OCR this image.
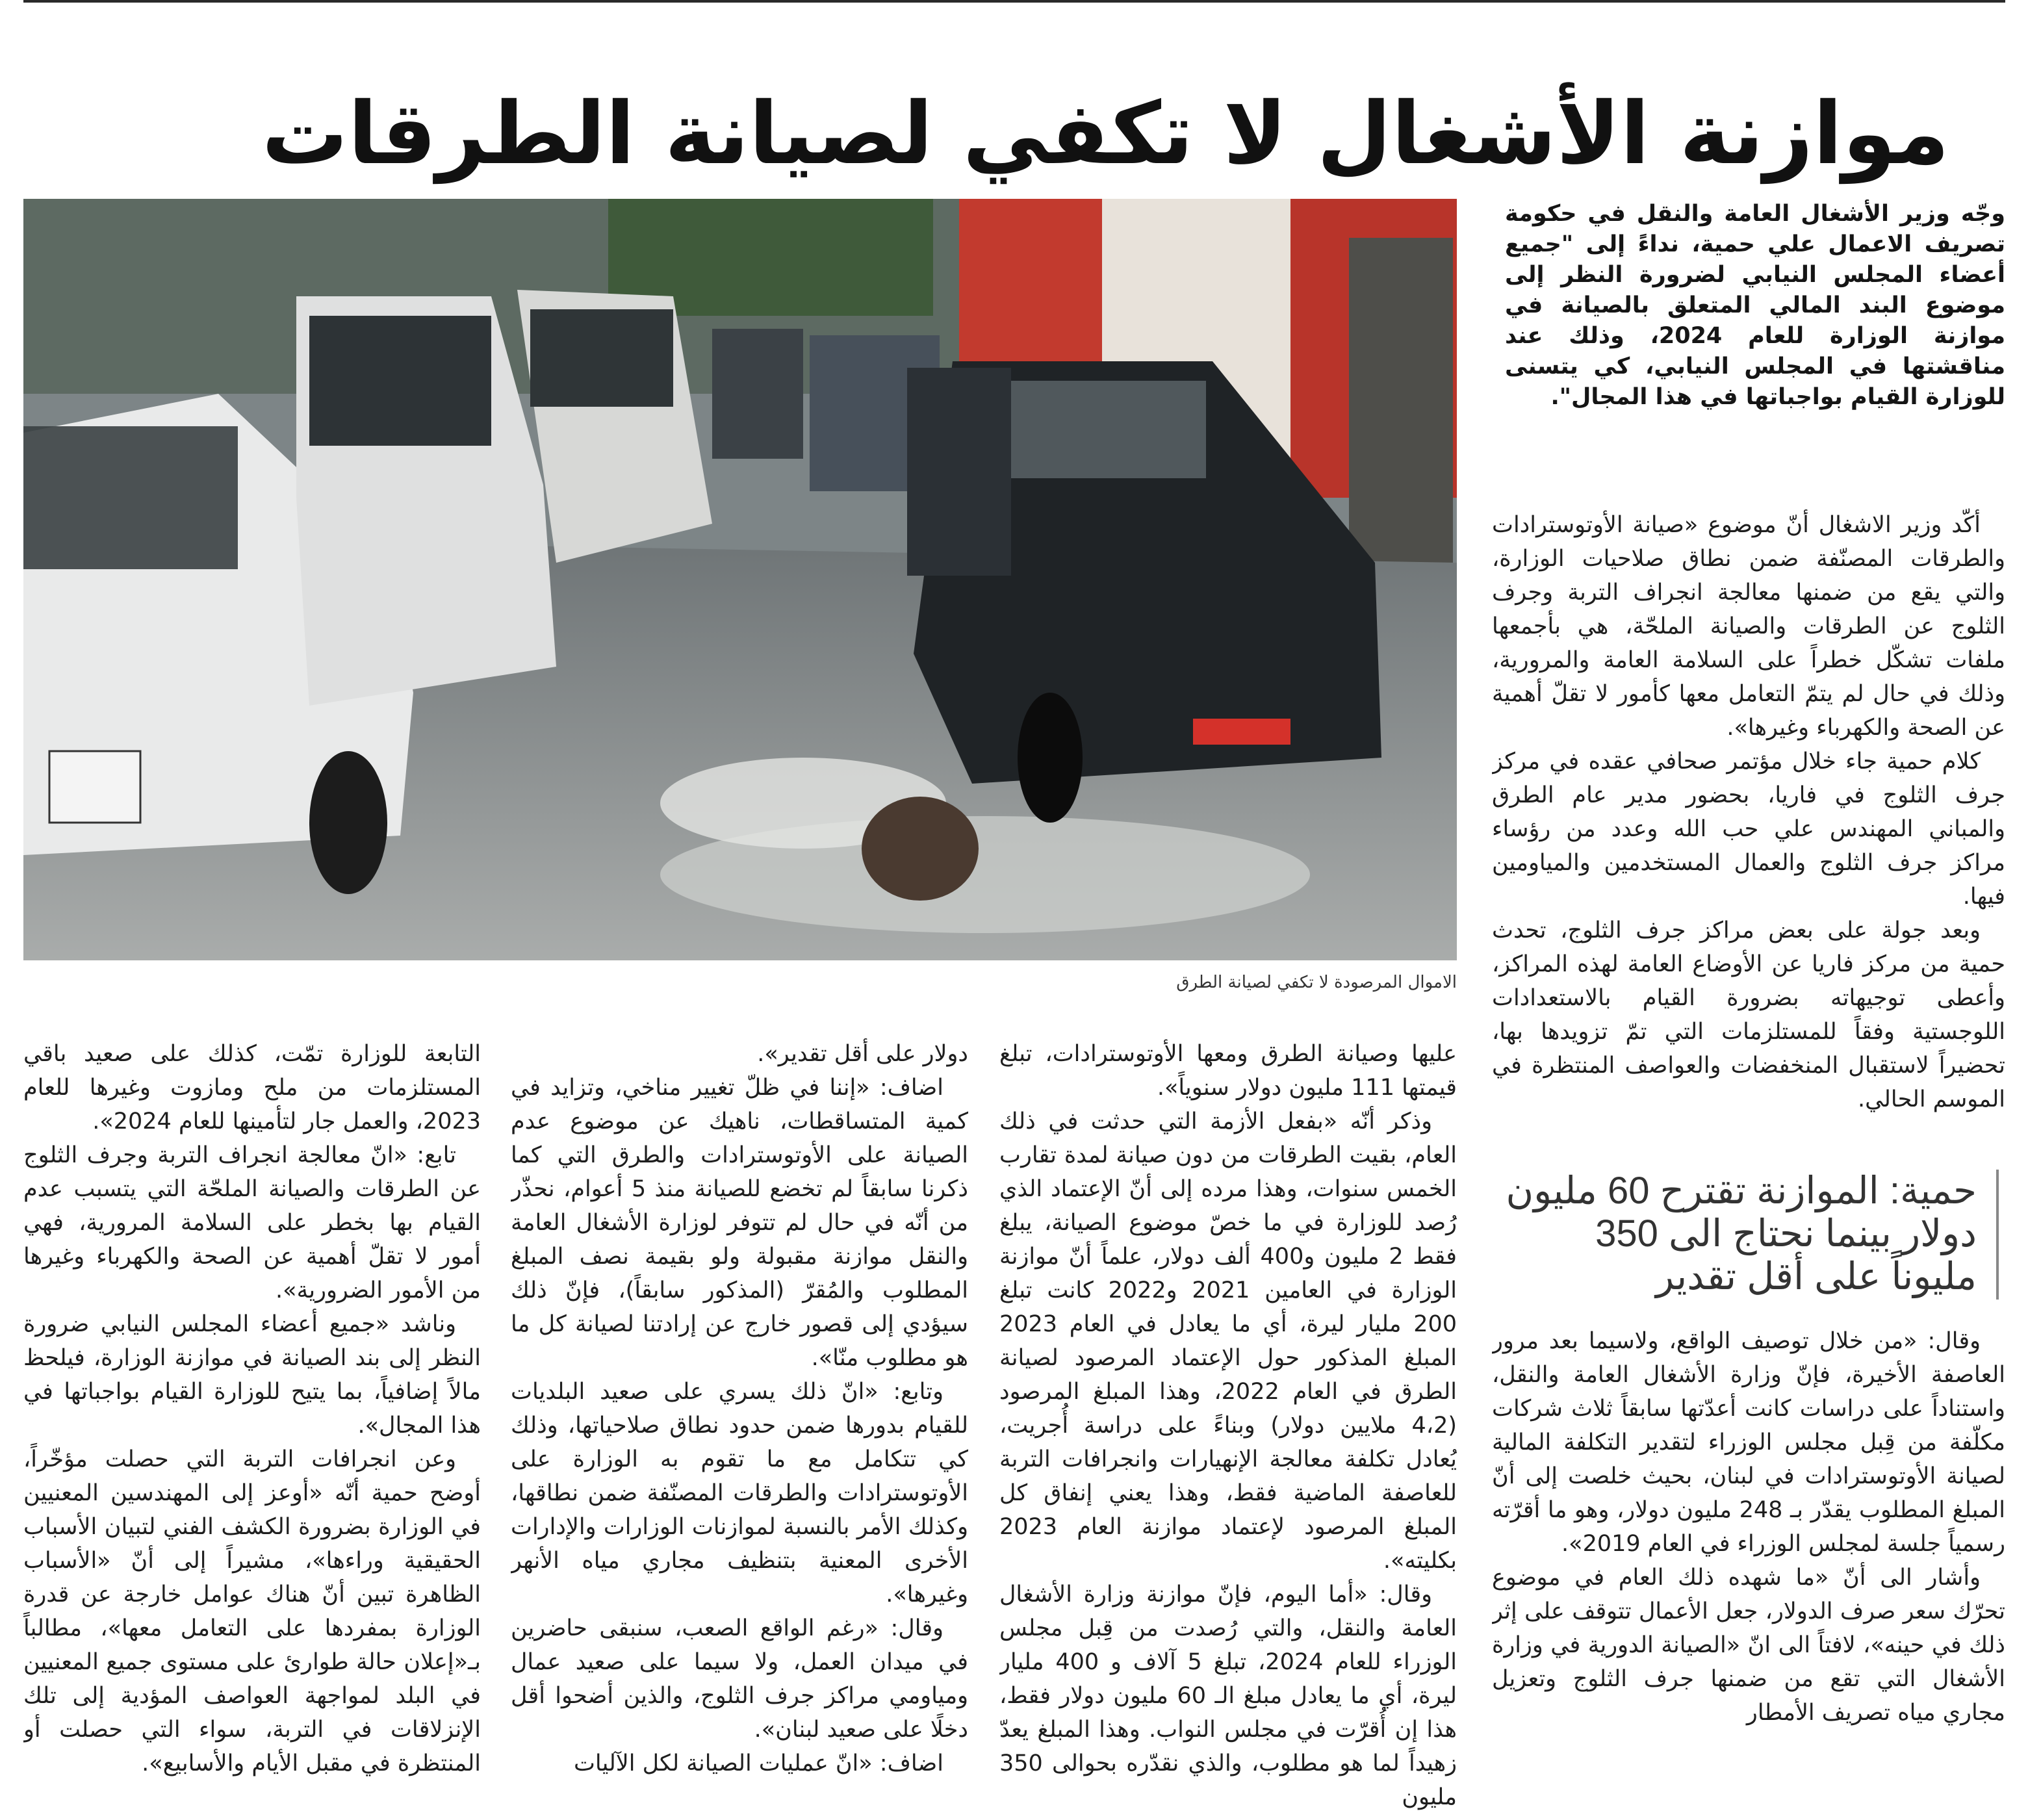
موازنة الأشغال لا تكفي لصيانة الطرقات
الاموال المرصودة لا تكفي لصيانة الطرق
وجّه وزير الأشغال العامة والنقل في حكومة تصريف الاعمال علي حمية، نداءً إلى "جميع أعضاء المجلس النيابي لضرورة النظر إلى موضوع البند المالي المتعلق بالصيانة في موازنة الوزارة للعام 2024، وذلك عند مناقشتها في المجلس النيابي، كي يتسنى للوزارة القيام بواجباتها في هذا المجال".

أكّد وزير الاشغال أنّ موضوع «صيانة الأوتوسترادات والطرقات المصنّفة ضمن نطاق صلاحيات الوزارة، والتي يقع من ضمنها معالجة انجراف التربة وجرف الثلوج عن الطرقات والصيانة الملحّة، هي بأجمعها ملفات تشكّل خطراً على السلامة العامة والمرورية، وذلك في حال لم يتمّ التعامل معها كأمور لا تقلّ أهمية عن الصحة والكهرباء وغيرها».

كلام حمية جاء خلال مؤتمر صحافي عقده في مركز جرف الثلوج في فاريا، بحضور مدير عام الطرق والمباني المهندس علي حب الله وعدد من رؤساء مراكز جرف الثلوج والعمال المستخدمين والمياومين فيها.

وبعد جولة على بعض مراكز جرف الثلوج، تحدث حمية من مركز فاريا عن الأوضاع العامة لهذه المراكز، وأعطى توجيهاته بضرورة القيام بالاستعدادات اللوجستية وفقاً للمستلزمات التي تمّ تزويدها بها، تحضيراً لاستقبال المنخفضات والعواصف المنتظرة في الموسم الحالي.

حمية: الموازنة تقترح 60 مليون دولار بينما نحتاج الى 350 مليوناً على أقل تقدير

وقال: «من خلال توصيف الواقع، ولاسيما بعد مرور العاصفة الأخيرة، فإنّ وزارة الأشغال العامة والنقل، واستناداً على دراسات كانت أعدّتها سابقاً ثلاث شركات مكلّفة من قِبل مجلس الوزراء لتقدير التكلفة المالية لصيانة الأوتوسترادات في لبنان، بحيث خلصت إلى أنّ المبلغ المطلوب يقدّر بـ 248 مليون دولار، وهو ما أقرّته رسمياً جلسة لمجلس الوزراء في العام 2019».

وأشار الى أنّ «ما شهده ذلك العام في موضوع تحرّك سعر صرف الدولار، جعل الأعمال تتوقف على إثر ذلك في حينه»، لافتاً الى انّ «الصيانة الدورية في وزارة الأشغال التي تقع من ضمنها جرف الثلوج وتعزيل مجاري مياه تصريف الأمطار

عليها وصيانة الطرق ومعها الأوتوسترادات، تبلغ قيمتها 111 مليون دولار سنوياً».

وذكر أنّه «بفعل الأزمة التي حدثت في ذلك العام، بقيت الطرقات من دون صيانة لمدة تقارب الخمس سنوات، وهذا مرده إلى أنّ الإعتماد الذي رُصد للوزارة في ما خصّ موضوع الصيانة، يبلغ فقط 2 مليون و400 ألف دولار، علماً أنّ موازنة الوزارة في العامين 2021 و2022 كانت تبلغ 200 مليار ليرة، أي ما يعادل في العام 2023 المبلغ المذكور حول الإعتماد المرصود لصيانة الطرق في العام 2022، وهذا المبلغ المرصود (4،2 ملايين دولار) وبناءً على دراسة أُجريت، يُعادل تكلفة معالجة الإنهيارات وانجرافات التربة للعاصفة الماضية فقط، وهذا يعني إنفاق كل المبلغ المرصود لإعتماد موازنة العام 2023 بكليته».

وقال: «أما اليوم، فإنّ موازنة وزارة الأشغال العامة والنقل، والتي رُصدت من قِبل مجلس الوزراء للعام 2024، تبلغ 5 آلاف و 400 مليار ليرة، أي ما يعادل مبلغ الـ 60 مليون دولار فقط، هذا إن أُقرّت في مجلس النواب. وهذا المبلغ يعدّ زهيداً لما هو مطلوب، والذي نقدّره بحوالى 350 مليون

دولار على أقل تقدير».

اضاف: «إننا في ظلّ تغيير مناخي، وتزايد في كمية المتساقطات، ناهيك عن موضوع عدم الصيانة على الأوتوسترادات والطرق التي كما ذكرنا سابقاً لم تخضع للصيانة منذ 5 أعوام، نحذّر من أنّه في حال لم تتوفر لوزارة الأشغال العامة والنقل موازنة مقبولة ولو بقيمة نصف المبلغ المطلوب والمُقرّ (المذكور سابقاً)، فإنّ ذلك سيؤدي إلى قصور خارج عن إرادتنا لصيانة كل ما هو مطلوب منّا».

وتابع: «انّ ذلك يسري على صعيد البلديات للقيام بدورها ضمن حدود نطاق صلاحياتها، وذلك كي تتكامل مع ما تقوم به الوزارة على الأوتوسترادات والطرقات المصنّفة ضمن نطاقها، وكذلك الأمر بالنسبة لموازنات الوزارات والإدارات الأخرى المعنية بتنظيف مجاري مياه الأنهر وغيرها».

وقال: «رغم الواقع الصعب، سنبقى حاضرين في ميدان العمل، ولا سيما على صعيد عمال ومياومي مراكز جرف الثلوج، والذين أضحوا أقل دخلًا على صعيد لبنان».

اضاف: «انّ عمليات الصيانة لكل الآليات

التابعة للوزارة تمّت، كذلك على صعيد باقي المستلزمات من ملح ومازوت وغيرها للعام 2023، والعمل جار لتأمينها للعام 2024».

تابع: «انّ معالجة انجراف التربة وجرف الثلوج عن الطرقات والصيانة الملحّة التي يتسبب عدم القيام بها بخطر على السلامة المرورية، فهي أمور لا تقلّ أهمية عن الصحة والكهرباء وغيرها من الأمور الضرورية».

وناشد «جميع أعضاء المجلس النيابي ضرورة النظر إلى بند الصيانة في موازنة الوزارة، فيلحظ مالاً إضافياً، بما يتيح للوزارة القيام بواجباتها في هذا المجال».

وعن انجرافات التربة التي حصلت مؤخّراً، أوضح حمية أنّه «أوعز إلى المهندسين المعنيين في الوزارة بضرورة الكشف الفني لتبيان الأسباب الحقيقية وراءها»، مشيراً إلى أنّ «الأسباب الظاهرة تبين أنّ هناك عوامل خارجة عن قدرة الوزارة بمفردها على التعامل معها»، مطالباً بـ«إعلان حالة طوارئ على مستوى جميع المعنيين في البلد لمواجهة العواصف المؤدية إلى تلك الإنزلاقات في التربة، سواء التي حصلت أو المنتظرة في مقبل الأيام والأسابيع».
